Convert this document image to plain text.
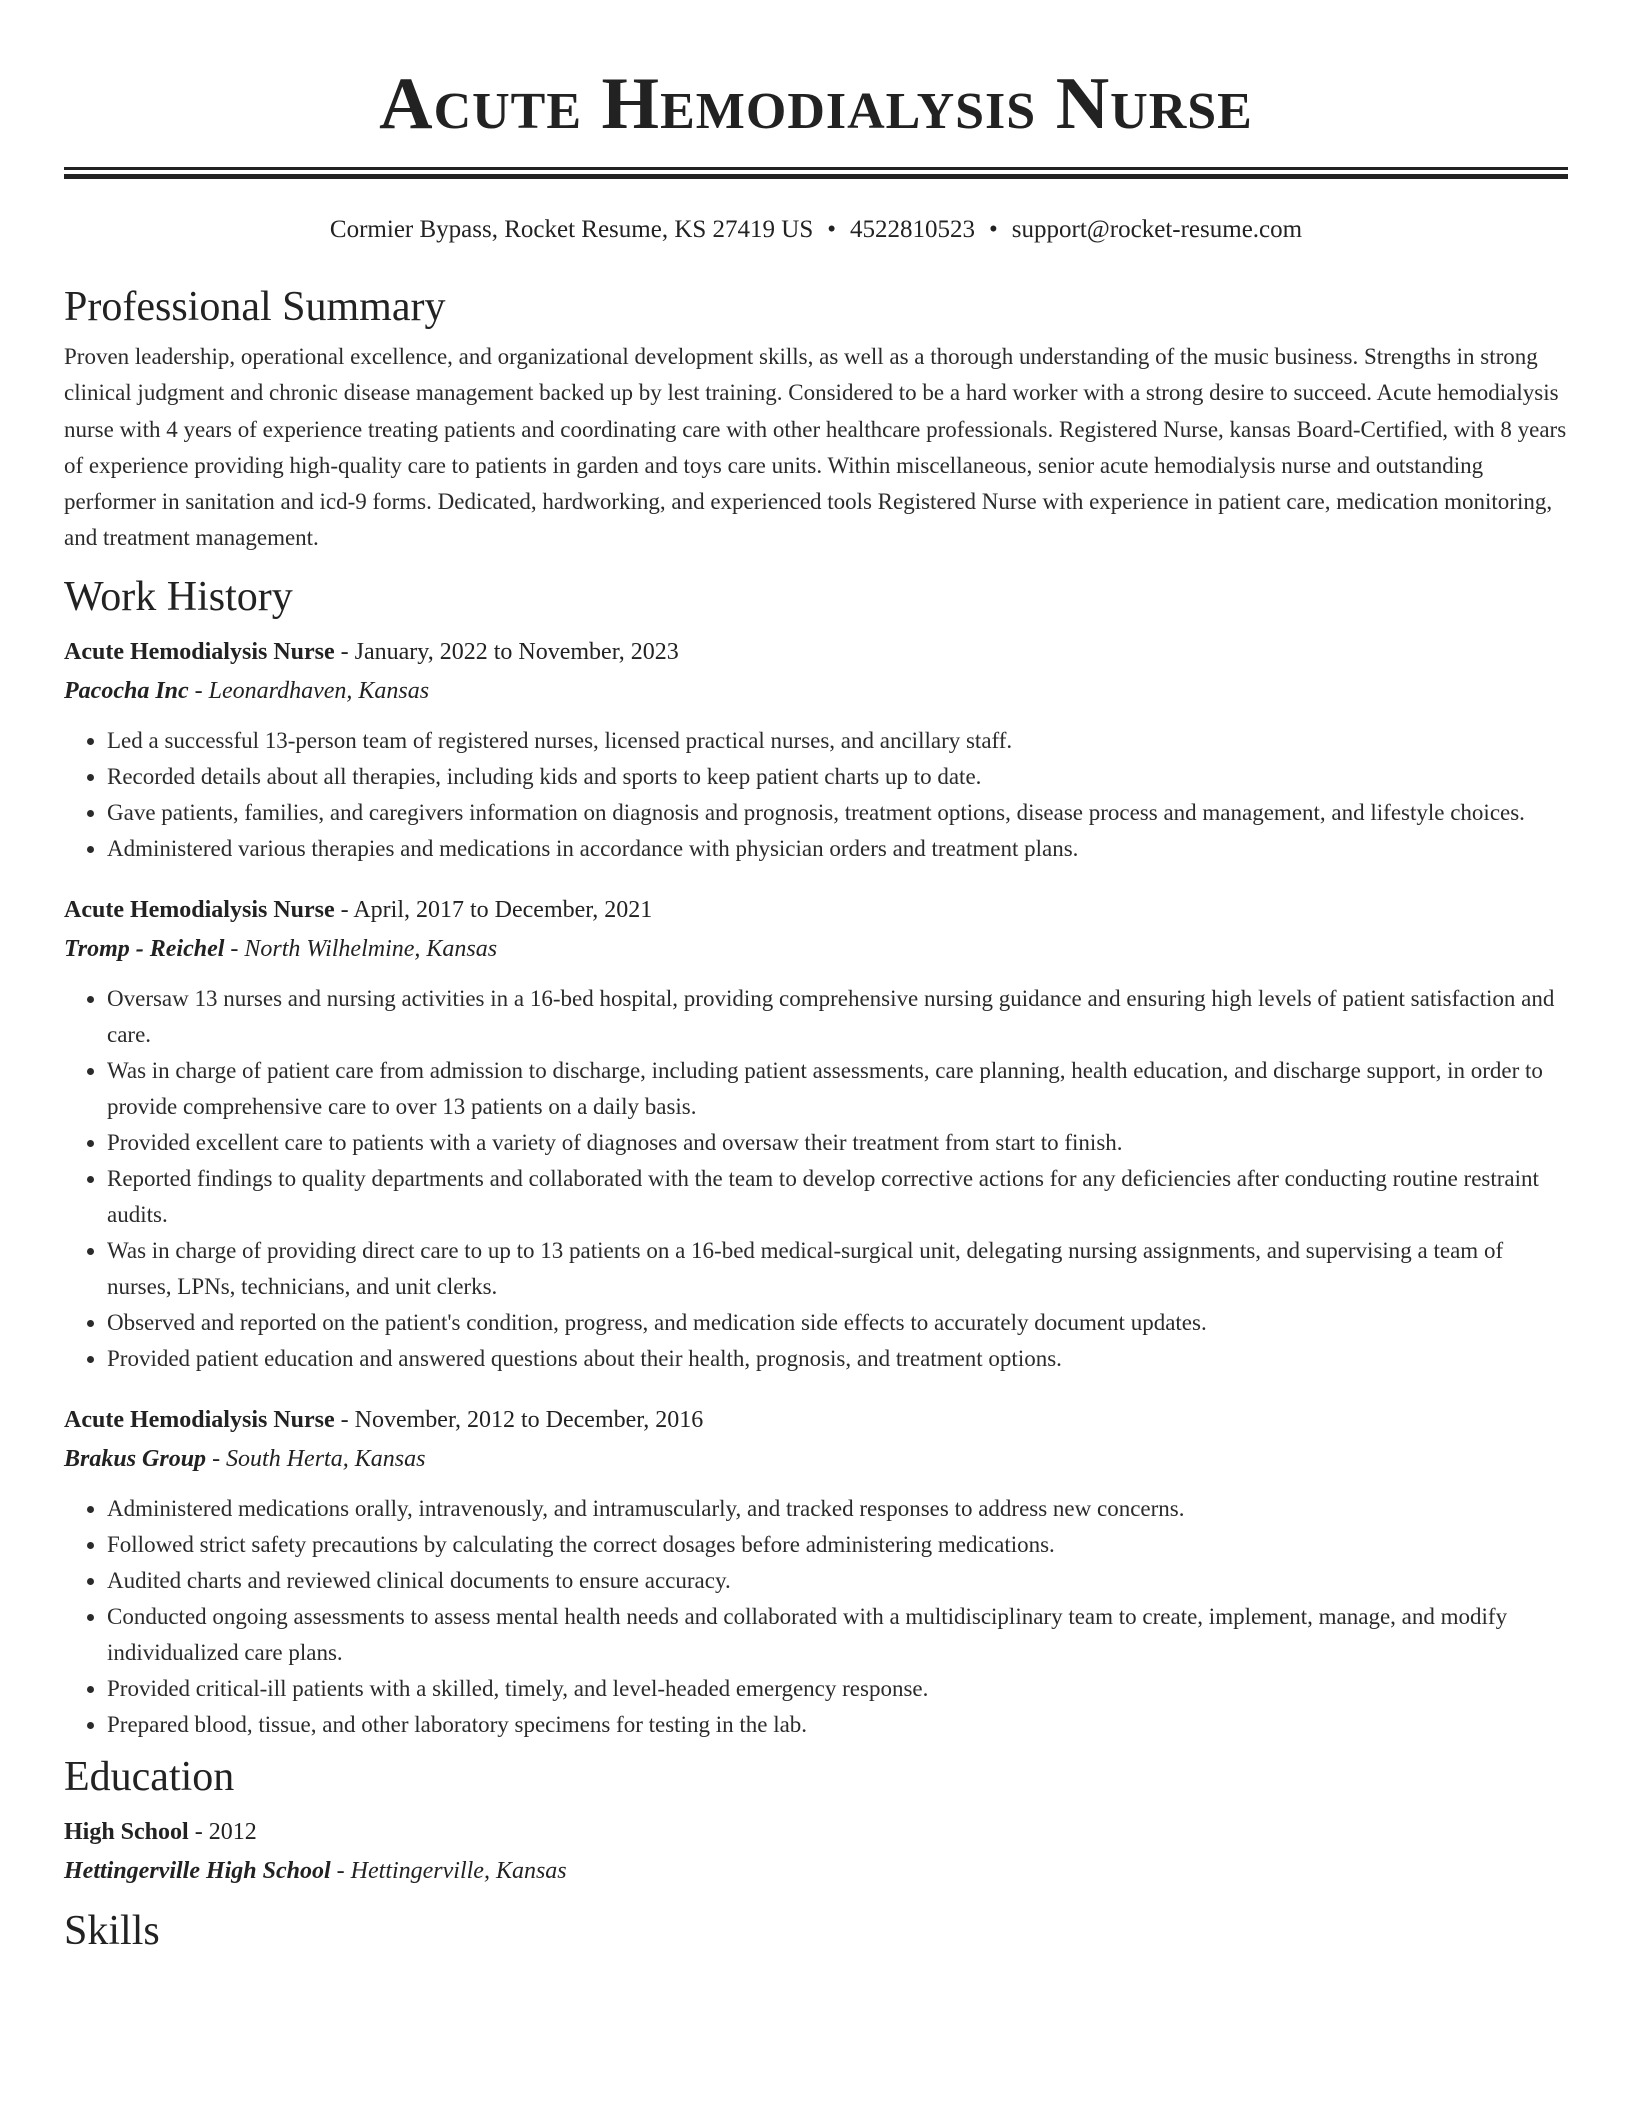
Acute Hemodialysis Nurse
Cormier Bypass, Rocket Resume, KS 27419 US • 4522810523 • support@rocket-resume.com
Professional Summary
Proven leadership, operational excellence, and organizational development skills, as well as a thorough understanding of the music business. Strengths in strong clinical judgment and chronic disease management backed up by lest training. Considered to be a hard worker with a strong desire to succeed. Acute hemodialysis nurse with 4 years of experience treating patients and coordinating care with other healthcare professionals. Registered Nurse, kansas Board-Certified, with 8 years of experience providing high-quality care to patients in garden and toys care units. Within miscellaneous, senior acute hemodialysis nurse and outstanding performer in sanitation and icd-9 forms. Dedicated, hardworking, and experienced tools Registered Nurse with experience in patient care, medication monitoring, and treatment management.
Work History
Acute Hemodialysis Nurse - January, 2022 to November, 2023
Pacocha Inc - Leonardhaven, Kansas
• Led a successful 13-person team of registered nurses, licensed practical nurses, and ancillary staff.
• Recorded details about all therapies, including kids and sports to keep patient charts up to date.
• Gave patients, families, and caregivers information on diagnosis and prognosis, treatment options, disease process and management, and lifestyle choices.
• Administered various therapies and medications in accordance with physician orders and treatment plans.
Acute Hemodialysis Nurse - April, 2017 to December, 2021
Tromp - Reichel - North Wilhelmine, Kansas
• Oversaw 13 nurses and nursing activities in a 16-bed hospital, providing comprehensive nursing guidance and ensuring high levels of patient satisfaction and care.
• Was in charge of patient care from admission to discharge, including patient assessments, care planning, health education, and discharge support, in order to provide comprehensive care to over 13 patients on a daily basis.
• Provided excellent care to patients with a variety of diagnoses and oversaw their treatment from start to finish.
• Reported findings to quality departments and collaborated with the team to develop corrective actions for any deficiencies after conducting routine restraint audits.
• Was in charge of providing direct care to up to 13 patients on a 16-bed medical-surgical unit, delegating nursing assignments, and supervising a team of nurses, LPNs, technicians, and unit clerks.
• Observed and reported on the patient's condition, progress, and medication side effects to accurately document updates.
• Provided patient education and answered questions about their health, prognosis, and treatment options.
Acute Hemodialysis Nurse - November, 2012 to December, 2016
Brakus Group - South Herta, Kansas
• Administered medications orally, intravenously, and intramuscularly, and tracked responses to address new concerns.
• Followed strict safety precautions by calculating the correct dosages before administering medications.
• Audited charts and reviewed clinical documents to ensure accuracy.
• Conducted ongoing assessments to assess mental health needs and collaborated with a multidisciplinary team to create, implement, manage, and modify individualized care plans.
• Provided critical-ill patients with a skilled, timely, and level-headed emergency response.
• Prepared blood, tissue, and other laboratory specimens for testing in the lab.
Education
High School - 2012
Hettingerville High School - Hettingerville, Kansas
Skills
